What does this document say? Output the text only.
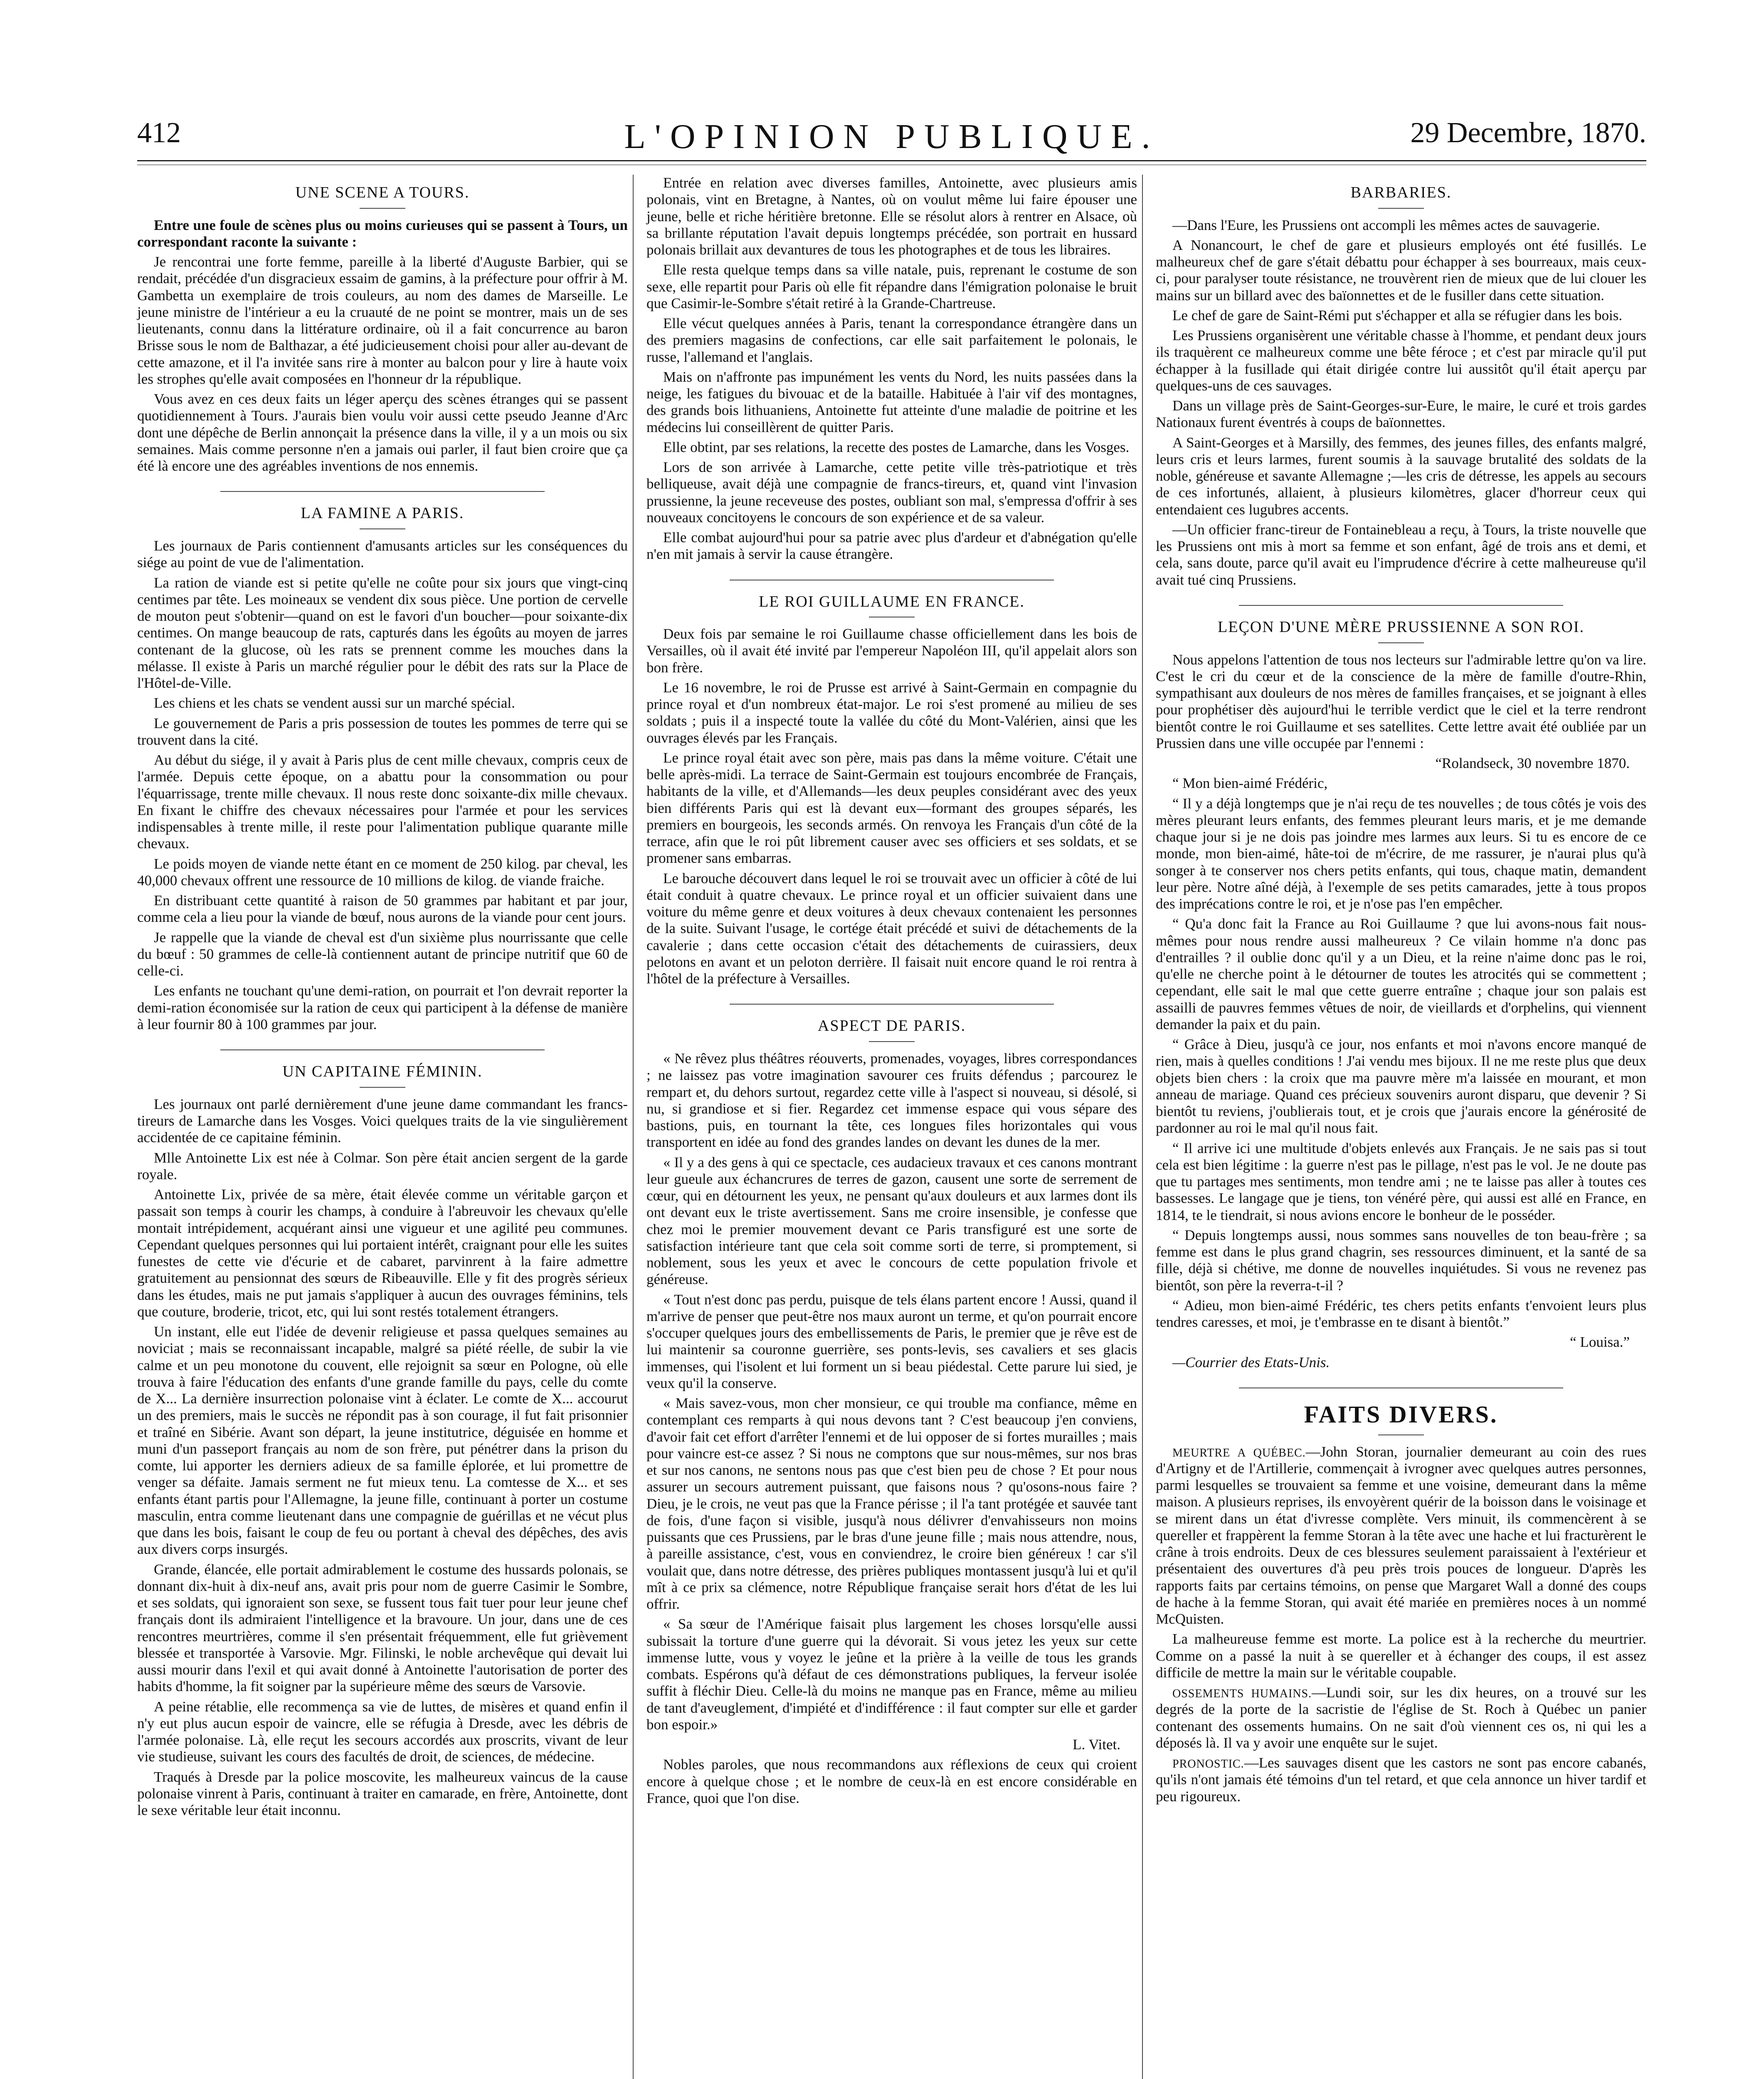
412	L'OPINION PUBLIQUE.	29 Decembre, 1870.
UNE SCENE A TOURS.

Entre une foule de scènes plus ou moins curieuses qui se passent à Tours, un correspondant raconte la suivante :

Je rencontrai une forte femme, pareille à la liberté d'Auguste Barbier, qui se rendait, précédée d'un disgracieux essaim de gamins, à la préfecture pour offrir à M. Gambetta un exemplaire de trois couleurs, au nom des dames de Marseille. Le jeune ministre de l'intérieur a eu la cruauté de ne point se montrer, mais un de ses lieutenants, connu dans la littérature ordinaire, où il a fait concurrence au baron Brisse sous le nom de Balthazar, a été judicieusement choisi pour aller au-devant de cette amazone, et il l'a invitée sans rire à monter au balcon pour y lire à haute voix les strophes qu'elle avait composées en l'honneur dr la république.

Vous avez en ces deux faits un léger aperçu des scènes étranges qui se passent quotidiennement à Tours. J'aurais bien voulu voir aussi cette pseudo Jeanne d'Arc dont une dépêche de Berlin annonçait la présence dans la ville, il y a un mois ou six semaines. Mais comme personne n'en a jamais oui parler, il faut bien croire que ça été là encore une des agréables inventions de nos ennemis.

LA FAMINE A PARIS.

Les journaux de Paris contiennent d'amusants articles sur les conséquences du siége au point de vue de l'alimentation.

La ration de viande est si petite qu'elle ne coûte pour six jours que vingt-cinq centimes par tête. Les moineaux se vendent dix sous pièce. Une portion de cervelle de mouton peut s'obtenir—quand on est le favori d'un boucher—pour soixante-dix centimes. On mange beaucoup de rats, capturés dans les égoûts au moyen de jarres contenant de la glucose, où les rats se prennent comme les mouches dans la mélasse. Il existe à Paris un marché régulier pour le débit des rats sur la Place de l'Hôtel-de-Ville.

Les chiens et les chats se vendent aussi sur un marché spécial.

Le gouvernement de Paris a pris possession de toutes les pommes de terre qui se trouvent dans la cité.

Au début du siége, il y avait à Paris plus de cent mille chevaux, compris ceux de l'armée. Depuis cette époque, on a abattu pour la consommation ou pour l'équarrissage, trente mille chevaux. Il nous reste donc soixante-dix mille chevaux. En fixant le chiffre des chevaux nécessaires pour l'armée et pour les services indispensables à trente mille, il reste pour l'alimentation publique quarante mille chevaux.

Le poids moyen de viande nette étant en ce moment de 250 kilog. par cheval, les 40,000 chevaux offrent une ressource de 10 millions de kilog. de viande fraiche.

En distribuant cette quantité à raison de 50 grammes par habitant et par jour, comme cela a lieu pour la viande de bœuf, nous aurons de la viande pour cent jours.

Je rappelle que la viande de cheval est d'un sixième plus nourrissante que celle du bœuf : 50 grammes de celle-là contiennent autant de principe nutritif que 60 de celle-ci.

Les enfants ne touchant qu'une demi-ration, on pourrait et l'on devrait reporter la demi-ration économisée sur la ration de ceux qui participent à la défense de manière à leur fournir 80 à 100 grammes par jour.

UN CAPITAINE FÉMININ.

Les journaux ont parlé dernièrement d'une jeune dame commandant les francs-tireurs de Lamarche dans les Vosges. Voici quelques traits de la vie singulièrement accidentée de ce capitaine féminin.

Mlle Antoinette Lix est née à Colmar. Son père était ancien sergent de la garde royale.

Antoinette Lix, privée de sa mère, était élevée comme un véritable garçon et passait son temps à courir les champs, à conduire à l'abreuvoir les chevaux qu'elle montait intrépidement, acquérant ainsi une vigueur et une agilité peu communes. Cependant quelques personnes qui lui portaient intérêt, craignant pour elle les suites funestes de cette vie d'écurie et de cabaret, parvinrent à la faire admettre gratuitement au pensionnat des sœurs de Ribeauville. Elle y fit des progrès sérieux dans les études, mais ne put jamais s'appliquer à aucun des ouvrages féminins, tels que couture, broderie, tricot, etc, qui lui sont restés totalement étrangers.

Un instant, elle eut l'idée de devenir religieuse et passa quelques semaines au noviciat ; mais se reconnaissant incapable, malgré sa piété réelle, de subir la vie calme et un peu monotone du couvent, elle rejoignit sa sœur en Pologne, où elle trouva à faire l'éducation des enfants d'une grande famille du pays, celle du comte de X... La dernière insurrection polonaise vint à éclater. Le comte de X... accourut un des premiers, mais le succès ne répondit pas à son courage, il fut fait prisonnier et traîné en Sibérie. Avant son départ, la jeune institutrice, déguisée en homme et muni d'un passeport français au nom de son frère, put pénétrer dans la prison du comte, lui apporter les derniers adieux de sa famille éplorée, et lui promettre de venger sa défaite. Jamais serment ne fut mieux tenu. La comtesse de X... et ses enfants étant partis pour l'Allemagne, la jeune fille, continuant à porter un costume masculin, entra comme lieutenant dans une compagnie de guérillas et ne vécut plus que dans les bois, faisant le coup de feu ou portant à cheval des dépêches, des avis aux divers corps insurgés.

Grande, élancée, elle portait admirablement le costume des hussards polonais, se donnant dix-huit à dix-neuf ans, avait pris pour nom de guerre Casimir le Sombre, et ses soldats, qui ignoraient son sexe, se fussent tous fait tuer pour leur jeune chef français dont ils admiraient l'intelligence et la bravoure. Un jour, dans une de ces rencontres meurtrières, comme il s'en présentait fréquemment, elle fut grièvement blessée et transportée à Varsovie. Mgr. Filinski, le noble archevêque qui devait lui aussi mourir dans l'exil et qui avait donné à Antoinette l'autorisation de porter des habits d'homme, la fit soigner par la supérieure même des sœurs de Varsovie.

A peine rétablie, elle recommença sa vie de luttes, de misères et quand enfin il n'y eut plus aucun espoir de vaincre, elle se réfugia à Dresde, avec les débris de l'armée polonaise. Là, elle reçut les secours accordés aux proscrits, vivant de leur vie studieuse, suivant les cours des facultés de droit, de sciences, de médecine.

Traqués à Dresde par la police moscovite, les malheureux vaincus de la cause polonaise vinrent à Paris, continuant à traiter en camarade, en frère, Antoinette, dont le sexe véritable leur était inconnu.

Entrée en relation avec diverses familles, Antoinette, avec plusieurs amis polonais, vint en Bretagne, à Nantes, où on voulut même lui faire épouser une jeune, belle et riche héritière bretonne. Elle se résolut alors à rentrer en Alsace, où sa brillante réputation l'avait depuis longtemps précédée, son portrait en hussard polonais brillait aux devantures de tous les photographes et de tous les libraires.

Elle resta quelque temps dans sa ville natale, puis, reprenant le costume de son sexe, elle repartit pour Paris où elle fit répandre dans l'émigration polonaise le bruit que Casimir-le-Sombre s'était retiré à la Grande-Chartreuse.

Elle vécut quelques années à Paris, tenant la correspondance étrangère dans un des premiers magasins de confections, car elle sait parfaitement le polonais, le russe, l'allemand et l'anglais.

Mais on n'affronte pas impunément les vents du Nord, les nuits passées dans la neige, les fatigues du bivouac et de la bataille. Habituée à l'air vif des montagnes, des grands bois lithuaniens, Antoinette fut atteinte d'une maladie de poitrine et les médecins lui conseillèrent de quitter Paris.

Elle obtint, par ses relations, la recette des postes de Lamarche, dans les Vosges.

Lors de son arrivée à Lamarche, cette petite ville très-patriotique et très belliqueuse, avait déjà une compagnie de francs-tireurs, et, quand vint l'invasion prussienne, la jeune receveuse des postes, oubliant son mal, s'empressa d'offrir à ses nouveaux concitoyens le concours de son expérience et de sa valeur.

Elle combat aujourd'hui pour sa patrie avec plus d'ardeur et d'abnégation qu'elle n'en mit jamais à servir la cause étrangère.

LE ROI GUILLAUME EN FRANCE.

Deux fois par semaine le roi Guillaume chasse officiellement dans les bois de Versailles, où il avait été invité par l'empereur Napoléon III, qu'il appelait alors son bon frère.

Le 16 novembre, le roi de Prusse est arrivé à Saint-Germain en compagnie du prince royal et d'un nombreux état-major. Le roi s'est promené au milieu de ses soldats ; puis il a inspecté toute la vallée du côté du Mont-Valérien, ainsi que les ouvrages élevés par les Français.

Le prince royal était avec son père, mais pas dans la même voiture. C'était une belle après-midi. La terrace de Saint-Germain est toujours encombrée de Français, habitants de la ville, et d'Allemands—les deux peuples considérant avec des yeux bien différents Paris qui est là devant eux—formant des groupes séparés, les premiers en bourgeois, les seconds armés. On renvoya les Français d'un côté de la terrace, afin que le roi pût librement causer avec ses officiers et ses soldats, et se promener sans embarras.

Le barouche découvert dans lequel le roi se trouvait avec un officier à côté de lui était conduit à quatre chevaux. Le prince royal et un officier suivaient dans une voiture du même genre et deux voitures à deux chevaux contenaient les personnes de la suite. Suivant l'usage, le cortége était précédé et suivi de détachements de la cavalerie ; dans cette occasion c'était des détachements de cuirassiers, deux pelotons en avant et un peloton derrière. Il faisait nuit encore quand le roi rentra à l'hôtel de la préfecture à Versailles.

ASPECT DE PARIS.

« Ne rêvez plus théâtres réouverts, promenades, voyages, libres correspondances ; ne laissez pas votre imagination savourer ces fruits défendus ; parcourez le rempart et, du dehors surtout, regardez cette ville à l'aspect si nouveau, si désolé, si nu, si grandiose et si fier. Regardez cet immense espace qui vous sépare des bastions, puis, en tournant la tête, ces longues files horizontales qui vous transportent en idée au fond des grandes landes on devant les dunes de la mer.

« Il y a des gens à qui ce spectacle, ces audacieux travaux et ces canons montrant leur gueule aux échancrures de terres de gazon, causent une sorte de serrement de cœur, qui en détournent les yeux, ne pensant qu'aux douleurs et aux larmes dont ils ont devant eux le triste avertissement. Sans me croire insensible, je confesse que chez moi le premier mouvement devant ce Paris transfiguré est une sorte de satisfaction intérieure tant que cela soit comme sorti de terre, si promptement, si noblement, sous les yeux et avec le concours de cette population frivole et généreuse.

« Tout n'est donc pas perdu, puisque de tels élans partent encore ! Aussi, quand il m'arrive de penser que peut-être nos maux auront un terme, et qu'on pourrait encore s'occuper quelques jours des embellissements de Paris, le premier que je rêve est de lui maintenir sa couronne guerrière, ses ponts-levis, ses cavaliers et ses glacis immenses, qui l'isolent et lui forment un si beau piédestal. Cette parure lui sied, je veux qu'il la conserve.

« Mais savez-vous, mon cher monsieur, ce qui trouble ma confiance, même en contemplant ces remparts à qui nous devons tant ? C'est beaucoup j'en conviens, d'avoir fait cet effort d'arrêter l'ennemi et de lui opposer de si fortes murailles ; mais pour vaincre est-ce assez ? Si nous ne comptons que sur nous-mêmes, sur nos bras et sur nos canons, ne sentons nous pas que c'est bien peu de chose ? Et pour nous assurer un secours autrement puissant, que faisons nous ? qu'osons-nous faire ? Dieu, je le crois, ne veut pas que la France périsse ; il l'a tant protégée et sauvée tant de fois, d'une façon si visible, jusqu'à nous délivrer d'envahisseurs non moins puissants que ces Prussiens, par le bras d'une jeune fille ; mais nous attendre, nous, à pareille assistance, c'est, vous en conviendrez, le croire bien généreux ! car s'il voulait que, dans notre détresse, des prières publiques montassent jusqu'à lui et qu'il mît à ce prix sa clémence, notre République française serait hors d'état de les lui offrir.

« Sa sœur de l'Amérique faisait plus largement les choses lorsqu'elle aussi subissait la torture d'une guerre qui la dévorait. Si vous jetez les yeux sur cette immense lutte, vous y voyez le jeûne et la prière à la veille de tous les grands combats. Espérons qu'à défaut de ces démonstrations publiques, la ferveur isolée suffit à fléchir Dieu. Celle-là du moins ne manque pas en France, même au milieu de tant d'aveuglement, d'impiété et d'indifférence : il faut compter sur elle et garder bon espoir.»

L. Vitet.

Nobles paroles, que nous recommandons aux réflexions de ceux qui croient encore à quelque chose ; et le nombre de ceux-là en est encore considérable en France, quoi que l'on dise.

BARBARIES.

—Dans l'Eure, les Prussiens ont accompli les mêmes actes de sauvagerie.

A Nonancourt, le chef de gare et plusieurs employés ont été fusillés. Le malheureux chef de gare s'était débattu pour échapper à ses bourreaux, mais ceux-ci, pour paralyser toute résistance, ne trouvèrent rien de mieux que de lui clouer les mains sur un billard avec des baïonnettes et de le fusiller dans cette situation.

Le chef de gare de Saint-Rémi put s'échapper et alla se réfugier dans les bois.

Les Prussiens organisèrent une véritable chasse à l'homme, et pendant deux jours ils traquèrent ce malheureux comme une bête féroce ; et c'est par miracle qu'il put échapper à la fusillade qui était dirigée contre lui aussitôt qu'il était aperçu par quelques-uns de ces sauvages.

Dans un village près de Saint-Georges-sur-Eure, le maire, le curé et trois gardes Nationaux furent éventrés à coups de baïonnettes.

A Saint-Georges et à Marsilly, des femmes, des jeunes filles, des enfants malgré, leurs cris et leurs larmes, furent soumis à la sauvage brutalité des soldats de la noble, généreuse et savante Allemagne ;—les cris de détresse, les appels au secours de ces infortunés, allaient, à plusieurs kilomètres, glacer d'horreur ceux qui entendaient ces lugubres accents.

—Un officier franc-tireur de Fontainebleau a reçu, à Tours, la triste nouvelle que les Prussiens ont mis à mort sa femme et son enfant, âgé de trois ans et demi, et cela, sans doute, parce qu'il avait eu l'imprudence d'écrire à cette malheureuse qu'il avait tué cinq Prussiens.

LEÇON D'UNE MÈRE PRUSSIENNE A SON ROI.

Nous appelons l'attention de tous nos lecteurs sur l'admirable lettre qu'on va lire. C'est le cri du cœur et de la conscience de la mère de famille d'outre-Rhin, sympathisant aux douleurs de nos mères de familles françaises, et se joignant à elles pour prophétiser dès aujourd'hui le terrible verdict que le ciel et la terre rendront bientôt contre le roi Guillaume et ses satellites. Cette lettre avait été oubliée par un Prussien dans une ville occupée par l'ennemi :

“Rolandseck, 30 novembre 1870.

“ Mon bien-aimé Frédéric,

“ Il y a déjà longtemps que je n'ai reçu de tes nouvelles ; de tous côtés je vois des mères pleurant leurs enfants, des femmes pleurant leurs maris, et je me demande chaque jour si je ne dois pas joindre mes larmes aux leurs. Si tu es encore de ce monde, mon bien-aimé, hâte-toi de m'écrire, de me rassurer, je n'aurai plus qu'à songer à te conserver nos chers petits enfants, qui tous, chaque matin, demandent leur père. Notre aîné déjà, à l'exemple de ses petits camarades, jette à tous propos des imprécations contre le roi, et je n'ose pas l'en empêcher.

“ Qu'a donc fait la France au Roi Guillaume ? que lui avons-nous fait nous-mêmes pour nous rendre aussi malheureux ? Ce vilain homme n'a donc pas d'entrailles ? il oublie donc qu'il y a un Dieu, et la reine n'aime donc pas le roi, qu'elle ne cherche point à le détourner de toutes les atrocités qui se commettent ; cependant, elle sait le mal que cette guerre entraîne ; chaque jour son palais est assailli de pauvres femmes vêtues de noir, de vieillards et d'orphelins, qui viennent demander la paix et du pain.

“ Grâce à Dieu, jusqu'à ce jour, nos enfants et moi n'avons encore manqué de rien, mais à quelles conditions ! J'ai vendu mes bijoux. Il ne me reste plus que deux objets bien chers : la croix que ma pauvre mère m'a laissée en mourant, et mon anneau de mariage. Quand ces précieux souvenirs auront disparu, que devenir ? Si bientôt tu reviens, j'oublierais tout, et je crois que j'aurais encore la générosité de pardonner au roi le mal qu'il nous fait.

“ Il arrive ici une multitude d'objets enlevés aux Français. Je ne sais pas si tout cela est bien légitime : la guerre n'est pas le pillage, n'est pas le vol. Je ne doute pas que tu partages mes sentiments, mon tendre ami ; ne te laisse pas aller à toutes ces bassesses. Le langage que je tiens, ton vénéré père, qui aussi est allé en France, en 1814, te le tiendrait, si nous avions encore le bonheur de le posséder.

“ Depuis longtemps aussi, nous sommes sans nouvelles de ton beau-frère ; sa femme est dans le plus grand chagrin, ses ressources diminuent, et la santé de sa fille, déjà si chétive, me donne de nouvelles inquiétudes. Si vous ne revenez pas bientôt, son père la reverra-t-il ?

“ Adieu, mon bien-aimé Frédéric, tes chers petits enfants t'envoient leurs plus tendres caresses, et moi, je t'embrasse en te disant à bientôt.”

“ Louisa.”

—Courrier des Etats-Unis.

FAITS DIVERS.

MEURTRE A QUÉBEC.—John Storan, journalier demeurant au coin des rues d'Artigny et de l'Artillerie, commençait à ivrogner avec quelques autres personnes, parmi lesquelles se trouvaient sa femme et une voisine, demeurant dans la même maison. A plusieurs reprises, ils envoyèrent quérir de la boisson dans le voisinage et se mirent dans un état d'ivresse complète. Vers minuit, ils commencèrent à se quereller et frappèrent la femme Storan à la tête avec une hache et lui fracturèrent le crâne à trois endroits. Deux de ces blessures seulement paraissaient à l'extérieur et présentaient des ouvertures d'à peu près trois pouces de longueur. D'après les rapports faits par certains témoins, on pense que Margaret Wall a donné des coups de hache à la femme Storan, qui avait été mariée en premières noces à un nommé McQuisten.

La malheureuse femme est morte. La police est à la recherche du meurtrier. Comme on a passé la nuit à se quereller et à échanger des coups, il est assez difficile de mettre la main sur le véritable coupable.

OSSEMENTS HUMAINS.—Lundi soir, sur les dix heures, on a trouvé sur les degrés de la porte de la sacristie de l'église de St. Roch à Québec un panier contenant des ossements humains. On ne sait d'où viennent ces os, ni qui les a déposés là. Il va y avoir une enquête sur le sujet.

PRONOSTIC.—Les sauvages disent que les castors ne sont pas encore cabanés, qu'ils n'ont jamais été témoins d'un tel retard, et que cela annonce un hiver tardif et peu rigoureux.
